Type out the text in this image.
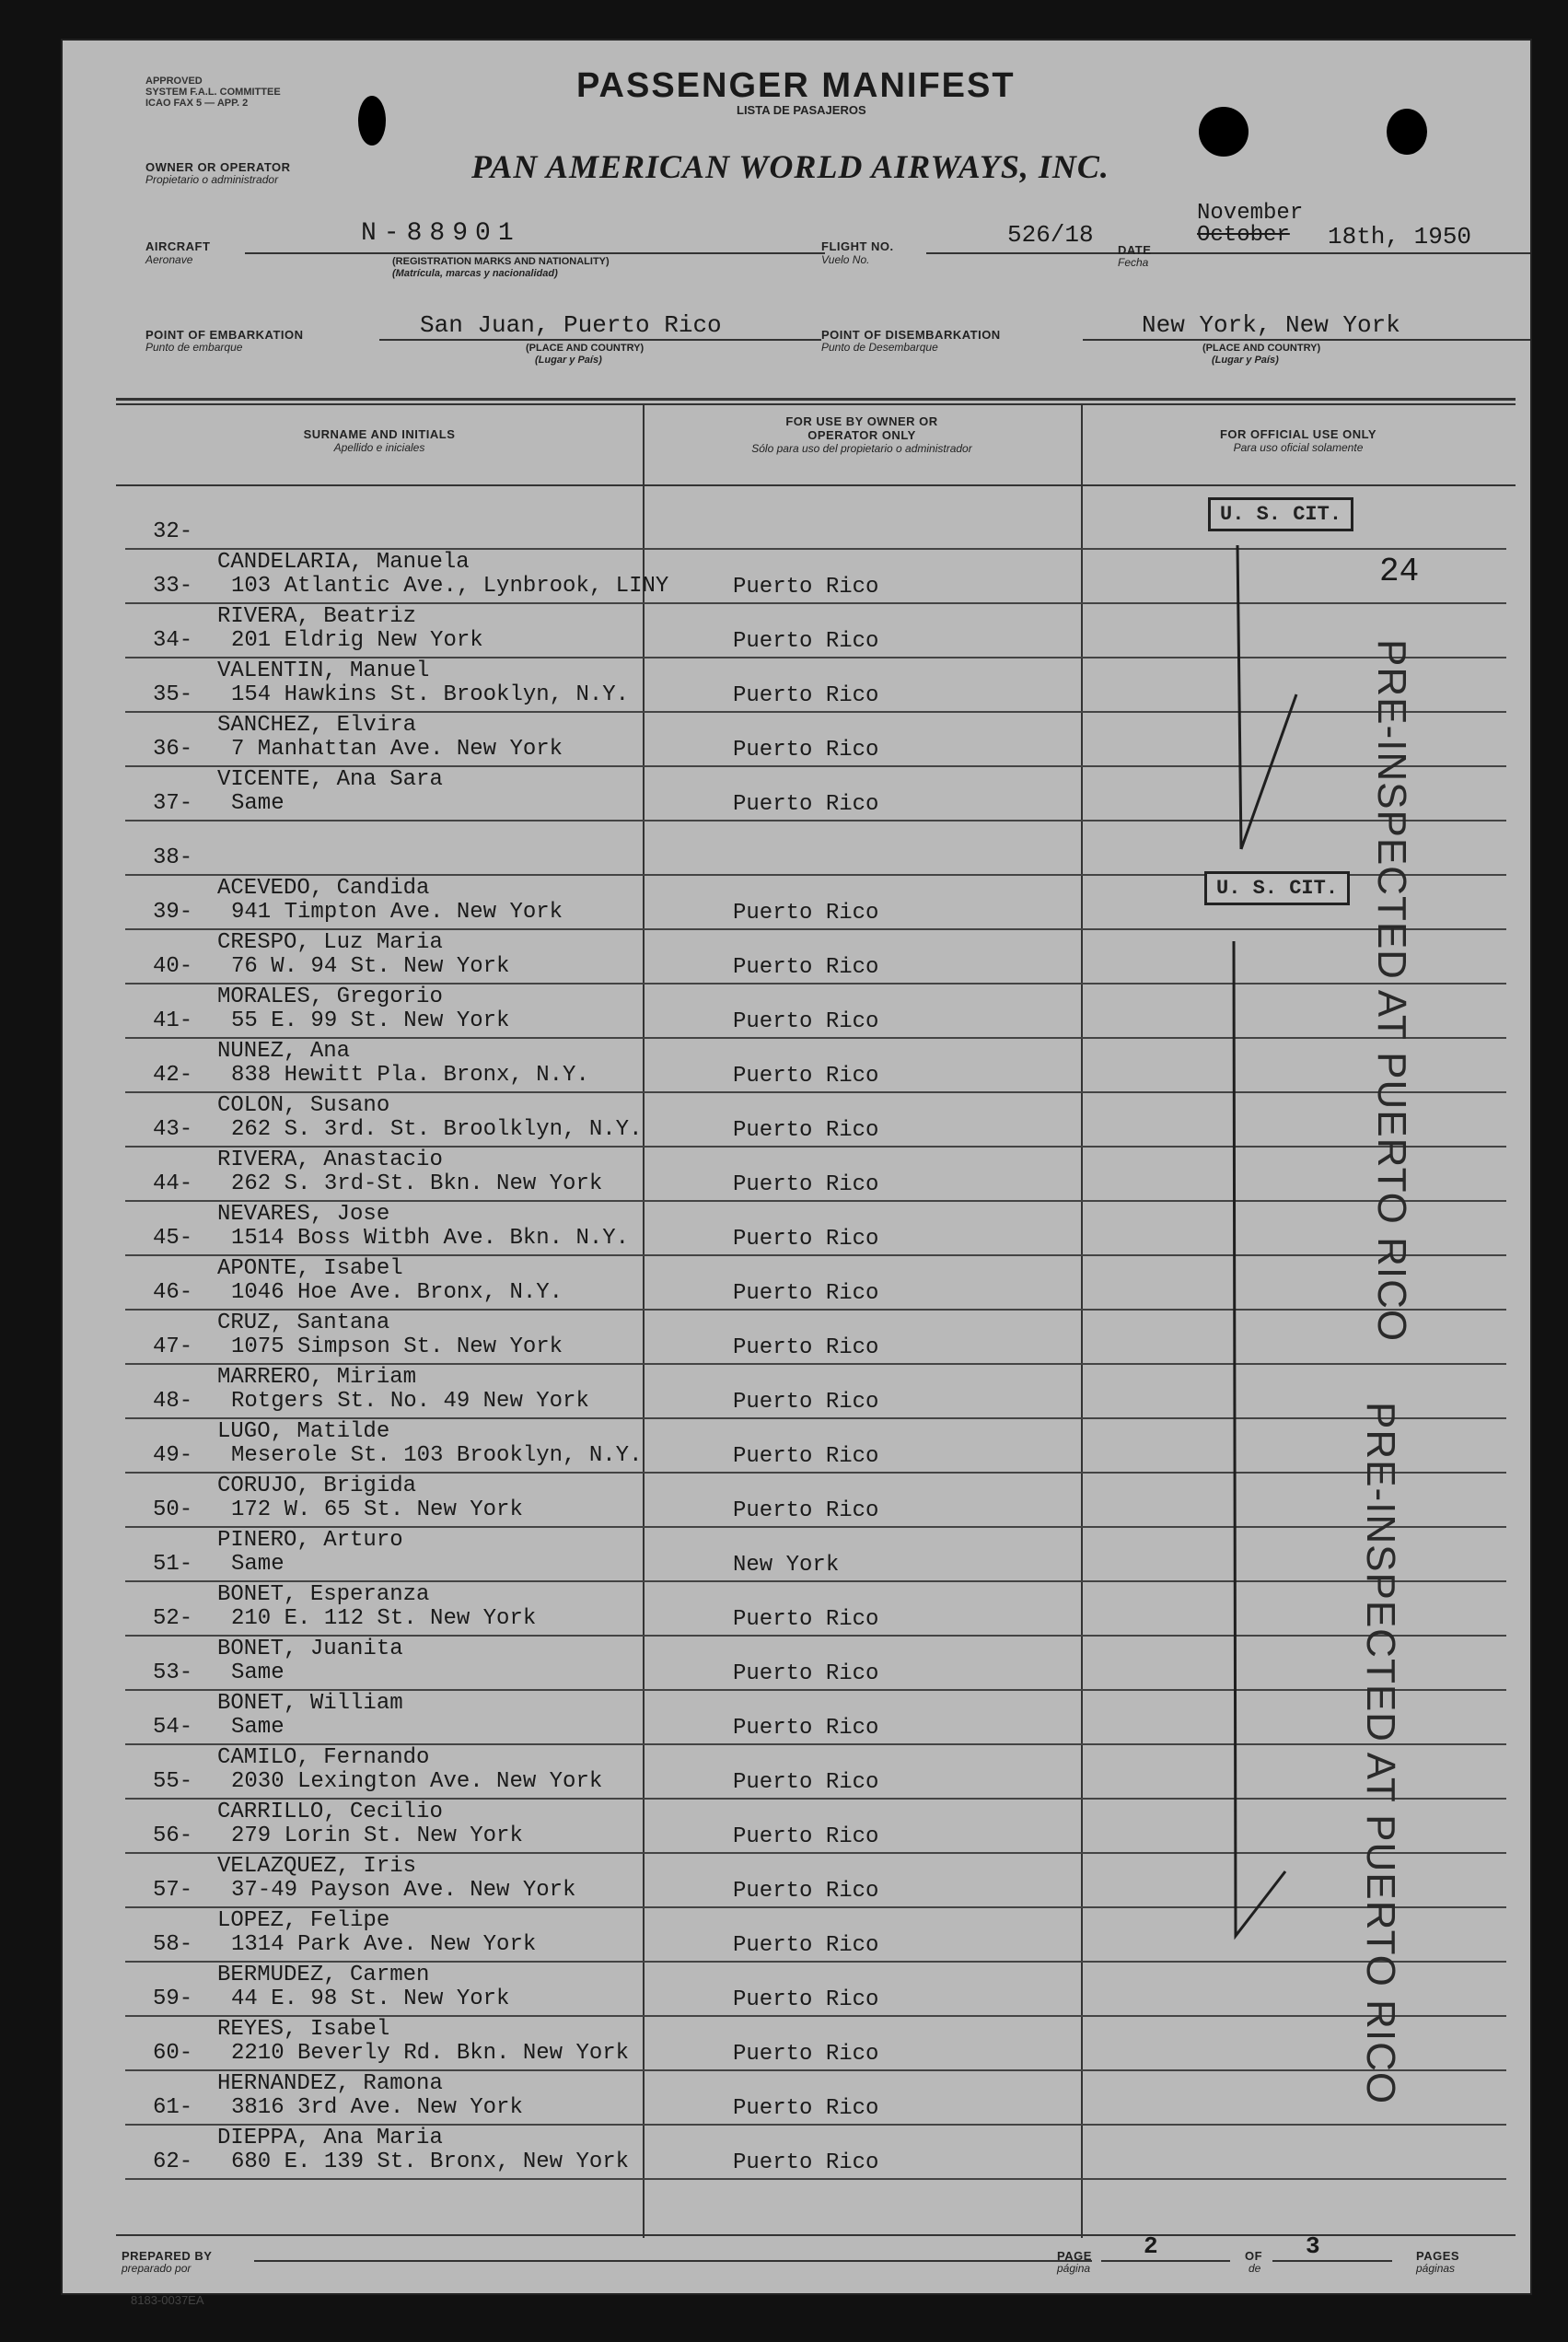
APPROVED
SYSTEM F.A.L. COMMITTEE
ICAO FAX 5 — APP. 2	PASSENGER MANIFEST
LISTA DE PASAJEROS
OWNER OR OPERATOR
Propietario o administrador	PAN AMERICAN WORLD AIRWAYS, INC.
AIRCRAFT
Aeronave
N-88901
(REGISTRATION MARKS AND NATIONALITY)
(Matrícula, marcas y nacionalidad)
FLIGHT NO.
Vuelo No.
526/18
DATE
Fecha
November
October 18th, 1950
POINT OF EMBARKATION
Punto de embarque
San Juan, Puerto Rico
(PLACE AND COUNTRY)
(Lugar y País)
POINT OF DISEMBARKATION
Punto de Desembarque
New York, New York
(PLACE AND COUNTRY)
(Lugar y País)
SURNAME AND INITIALS
Apellido e iniciales
FOR USE BY OWNER OR OPERATOR ONLY
Sólo para uso del propietario o administrador
FOR OFFICIAL USE ONLY
Para uso oficial solamente
32-
CANDELARIA, Manuela
33- 103 Atlantic Ave., Lynbrook, LINY	Puerto Rico
RIVERA, Beatriz
34- 201 Eldrig New York	Puerto Rico
VALENTIN, Manuel
35- 154 Hawkins St. Brooklyn, N.Y.	Puerto Rico
SANCHEZ, Elvira
36- 7 Manhattan Ave. New York	Puerto Rico
VICENTE, Ana Sara
37- Same	Puerto Rico
38-
ACEVEDO, Candida
39- 941 Timpton Ave. New York	Puerto Rico
CRESPO, Luz Maria
40- 76 W. 94 St. New York	Puerto Rico
MORALES, Gregorio
41- 55 E. 99 St. New York	Puerto Rico
NUNEZ, Ana
42- 838 Hewitt Pla. Bronx, N.Y.	Puerto Rico
COLON, Susano
43- 262 S. 3rd. St. Broolklyn, N.Y.	Puerto Rico
RIVERA, Anastacio
44- 262 S. 3rd-St. Bkn. New York	Puerto Rico
NEVARES, Jose
45- 1514 Boss Witbh Ave. Bkn. N.Y.	Puerto Rico
APONTE, Isabel
46- 1046 Hoe Ave. Bronx, N.Y.	Puerto Rico
CRUZ, Santana
47- 1075 Simpson St. New York	Puerto Rico
MARRERO, Miriam
48- Rotgers St. No. 49 New York	Puerto Rico
LUGO, Matilde
49- Meserole St. 103 Brooklyn, N.Y.	Puerto Rico
CORUJO, Brigida
50- 172 W. 65 St. New York	Puerto Rico
PINERO, Arturo
51- Same	New York
BONET, Esperanza
52- 210 E. 112 St. New York	Puerto Rico
BONET, Juanita
53- Same	Puerto Rico
BONET, William
54- Same	Puerto Rico
CAMILO, Fernando
55- 2030 Lexington Ave. New York	Puerto Rico
CARRILLO, Cecilio
56- 279 Lorin St. New York	Puerto Rico
VELAZQUEZ, Iris
57- 37-49 Payson Ave. New York	Puerto Rico
LOPEZ, Felipe
58- 1314 Park Ave. New York	Puerto Rico
BERMUDEZ, Carmen
59- 44 E. 98 St. New York	Puerto Rico
REYES, Isabel
60- 2210 Beverly Rd. Bkn. New York	Puerto Rico
HERNANDEZ, Ramona
61- 3816 3rd Ave. New York	Puerto Rico
DIEPPA, Ana Maria
62- 680 E. 139 St. Bronx, New York	Puerto Rico
U. S. CIT.
U. S. CIT.
24
PRE-INSPECTED AT PUERTO RICO
PRE-INSPECTED AT PUERTO RICO
PREPARED BY
preparado por
PAGE
página
2	OF
de
3	PAGES
páginas
8183-0037EA
